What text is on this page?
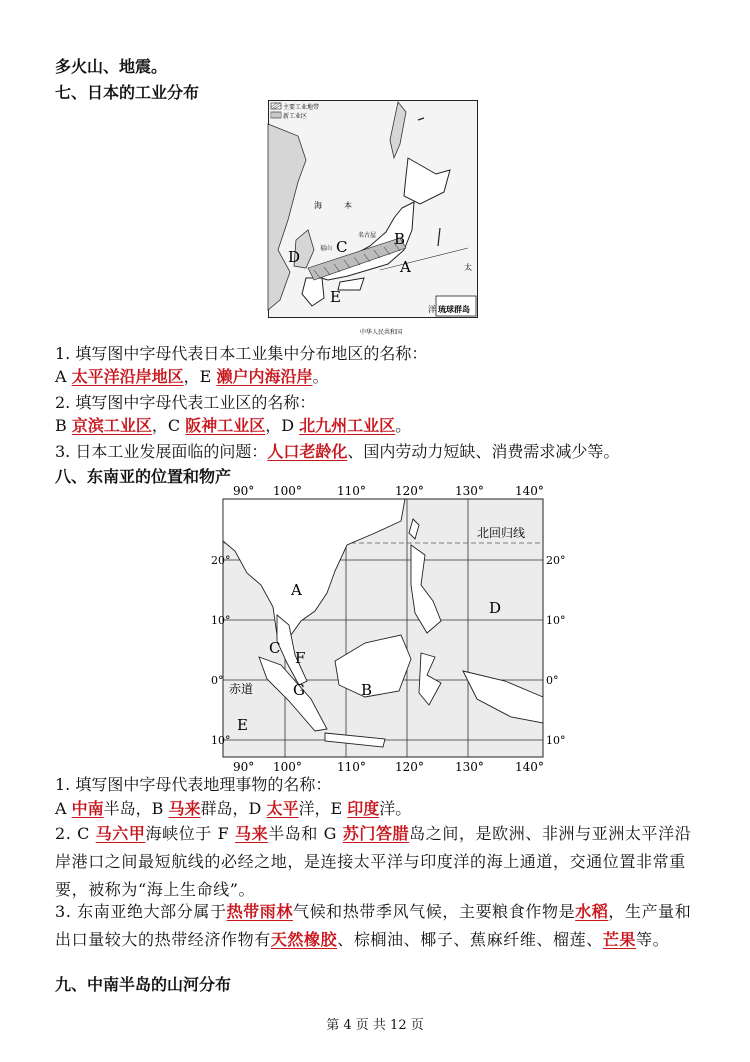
多火山、地震。
七、日本的工业分布
主要工业地带
新工业区
B
A
C
D
E
名古屋
福山
海	本
太
洋 琉球群岛
中华人民共和国
1. 填写图中字母代表日本工业集中分布地区的名称：
A 太平洋沿岸地区，E 濑户内海沿岸。
2. 填写图中字母代表工业区的名称：
B 京滨工业区，C 阪神工业区，D 北九州工业区。
3. 日本工业发展面临的问题：人口老龄化、国内劳动力短缺、消费需求减少等。
八、东南亚的位置和物产
90° 100°	110° 120°	130°	140°
90° 100°	110° 120°	130°	140°
20°
10°
0°
10°
20°
10°
0°
10°
北回归线
赤道
A
B
C
D
E
F
G
1. 填写图中字母代表地理事物的名称：
A 中南半岛，B 马来群岛，D 太平洋，E 印度洋。
2. C 马六甲海峡位于 F 马来半岛和 G 苏门答腊岛之间，是欧洲、非洲与亚洲太平洋沿岸港口之间最短航线的必经之地，是连接太平洋与印度洋的海上通道，交通位置非常重要，被称为“海上生命线”。
3. 东南亚绝大部分属于热带雨林气候和热带季风气候，主要粮食作物是水稻，生产量和出口量较大的热带经济作物有天然橡胶、棕榈油、椰子、蕉麻纤维、榴莲、芒果等。
九、中南半岛的山河分布
第 4 页 共 12 页
